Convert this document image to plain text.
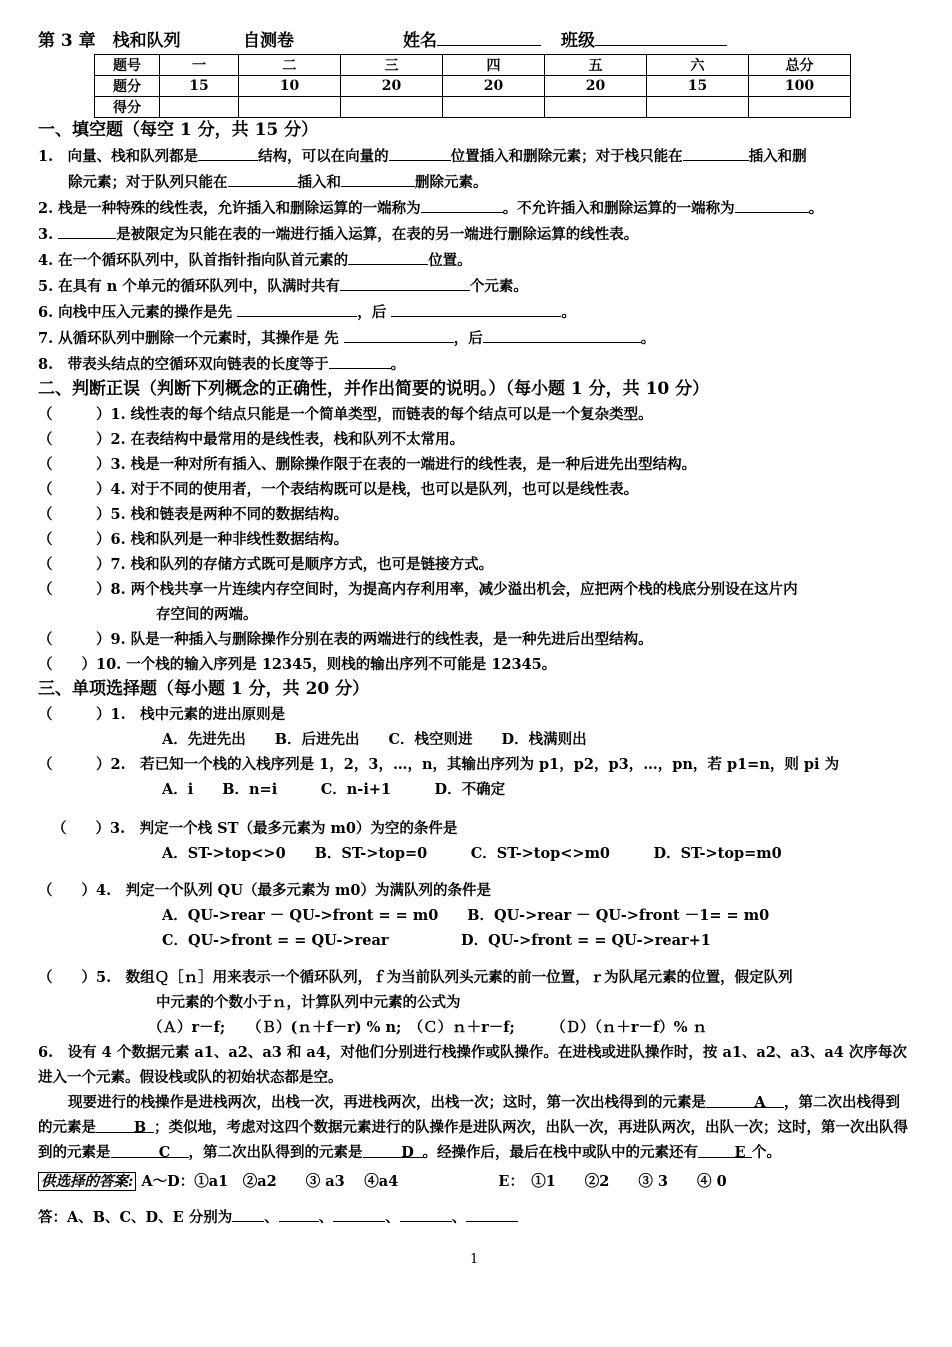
第 3 章　栈和队列	自测卷	姓名	班级
题号	一	二	三	四	五	六	总分
题分	15	10	20	20	20	15	100
得分							
一、填空题（每空 1 分，共 15 分）
1.　向量、栈和队列都是	结构，可以在向量的	位置插入和删除元素；对于栈只能在	插入和删
除元素；对于队列只能在	插入和	删除元素。
2. 栈是一种特殊的线性表，允许插入和删除运算的一端称为	。不允许插入和删除运算的一端称为	。
3.	是被限定为只能在表的一端进行插入运算，在表的另一端进行删除运算的线性表。
4. 在一个循环队列中，队首指针指向队首元素的	位置。
5. 在具有 n 个单元的循环队列中，队满时共有	个元素。
6. 向栈中压入元素的操作是先	，后	。
7. 从循环队列中删除一个元素时，其操作是 先	，后	。
8.　带表头结点的空循环双向链表的长度等于	。
二、判断正误（判断下列概念的正确性，并作出简要的说明。）（每小题 1 分，共 10 分）
（　　　）1. 线性表的每个结点只能是一个简单类型，而链表的每个结点可以是一个复杂类型。
（　　　）2. 在表结构中最常用的是线性表，栈和队列不太常用。
（　　　）3. 栈是一种对所有插入、删除操作限于在表的一端进行的线性表，是一种后进先出型结构。
（　　　）4. 对于不同的使用者，一个表结构既可以是栈，也可以是队列，也可以是线性表。
（　　　）5. 栈和链表是两种不同的数据结构。
（　　　）6. 栈和队列是一种非线性数据结构。
（　　　）7. 栈和队列的存储方式既可是顺序方式，也可是链接方式。
（　　　）8. 两个栈共享一片连续内存空间时，为提高内存利用率，减少溢出机会，应把两个栈的栈底分别设在这片内
存空间的两端。
（　　　）9. 队是一种插入与删除操作分别在表的两端进行的线性表，是一种先进后出型结构。
（　　）10. 一个栈的输入序列是 12345，则栈的输出序列不可能是 12345。
三、单项选择题（每小题 1 分，共 20 分）
（　　　）1.　栈中元素的进出原则是
A．先进先出　　B．后进先出　　C．栈空则进　　D．栈满则出
（　　　）2.　若已知一个栈的入栈序列是 1，2，3，…，n，其输出序列为 p1，p2，p3，…，pn，若 p1=n，则 pi 为
A．i　　B．n=i　　　C．n-i+1　　　D．不确定
（　　）3.　判定一个栈 ST（最多元素为 m0）为空的条件是
A．ST->top<>0　　B．ST->top=0　　　C．ST->top<>m0　　　D．ST->top=m0
（　　）4.　判定一个队列 QU（最多元素为 m0）为满队列的条件是
A．QU->rear － QU->front = = m0　　B．QU->rear － QU->front －1= = m0
C．QU->front = = QU->rear　　　　　D．QU->front = = QU->rear+1
（　　）5.　数组Ｑ［ｎ］用来表示一个循环队列，ｆ为当前队列头元素的前一位置，ｒ为队尾元素的位置，假定队列
中元素的个数小于ｎ，计算队列中元素的公式为
（Ａ）r－f;　　（Ｂ）(ｎ＋f－r) % n;　（Ｃ）ｎ＋r－f;　　　（Ｄ）（ｎ＋r－f）% ｎ
6.　设有 4 个数据元素 a1、a2、a3 和 a4，对他们分别进行栈操作或队操作。在进栈或进队操作时，按 a1、a2、a3、a4 次序每次进入一个元素。假设栈或队的初始状态都是空。
现要进行的栈操作是进栈两次，出栈一次，再进栈两次，出栈一次；这时，第一次出栈得到的元素是	A ，第二次出栈得到的元素是	B ；类似地，考虑对这四个数据元素进行的队操作是进队两次，出队一次，再进队两次，出队一次；这时，第一次出队得到的元素是	C ，第二次出队得到的元素是	D 。经操作后，最后在栈中或队中的元素还有	E 个。
供选择的答案: A～D：①a1　②a2　　③ a3　 ④a4	E：　①1　　②2　　③ 3　　④ 0
答：A、B、C、D、E 分别为 、	、	、	、
1
